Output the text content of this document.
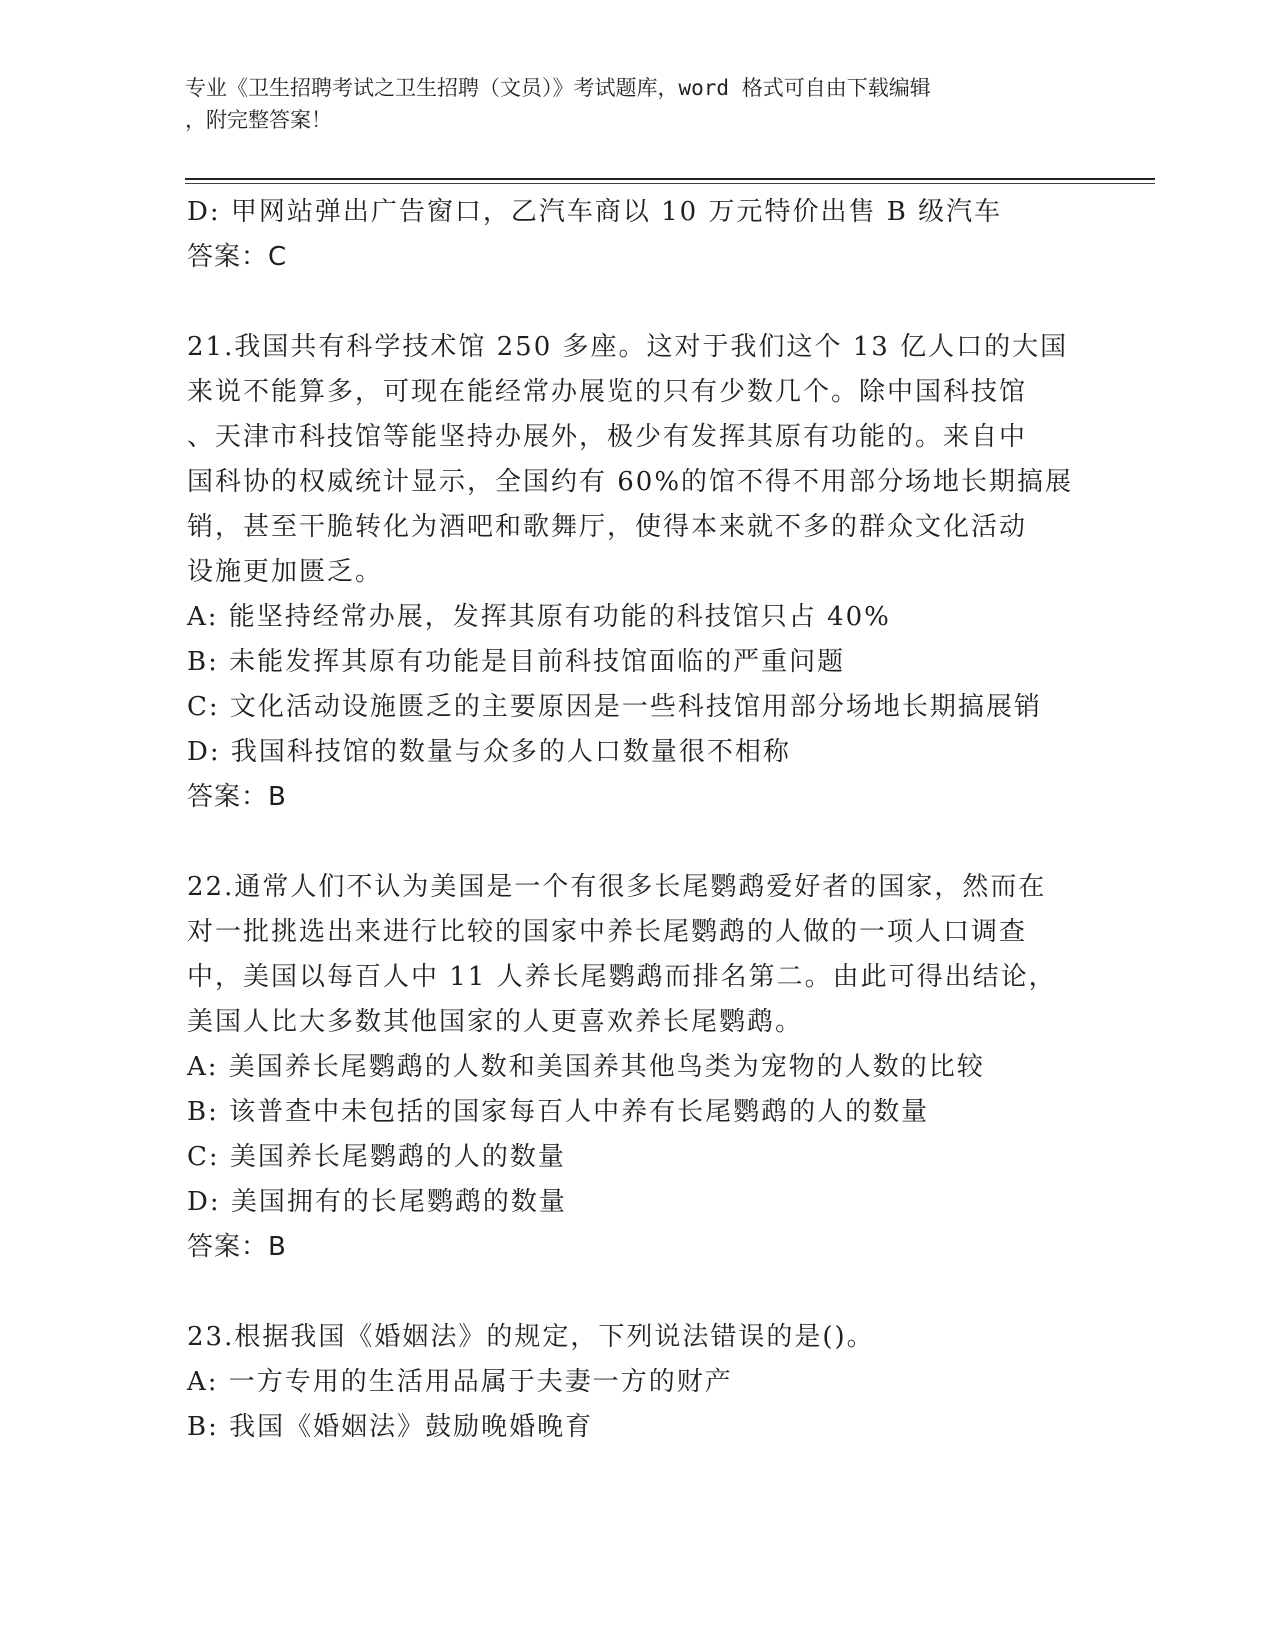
专业《卫生招聘考试之卫生招聘（文员）》考试题库，word 格式可自由下载编辑
，附完整答案！

D: 甲网站弹出广告窗口，乙汽车商以 10 万元特价出售 B 级汽车

答案：C

21.我国共有科学技术馆 250 多座。这对于我们这个 13 亿人口的大国

来说不能算多，可现在能经常办展览的只有少数几个。除中国科技馆

、天津市科技馆等能坚持办展外，极少有发挥其原有功能的。来自中

国科协的权威统计显示，全国约有 60%的馆不得不用部分场地长期搞展

销，甚至干脆转化为酒吧和歌舞厅，使得本来就不多的群众文化活动

设施更加匮乏。

A: 能坚持经常办展，发挥其原有功能的科技馆只占 40%

B: 未能发挥其原有功能是目前科技馆面临的严重问题

C: 文化活动设施匮乏的主要原因是一些科技馆用部分场地长期搞展销

D: 我国科技馆的数量与众多的人口数量很不相称

答案：B

22.通常人们不认为美国是一个有很多长尾鹦鹉爱好者的国家，然而在

对一批挑选出来进行比较的国家中养长尾鹦鹉的人做的一项人口调查

中，美国以每百人中 11 人养长尾鹦鹉而排名第二。由此可得出结论，

美国人比大多数其他国家的人更喜欢养长尾鹦鹉。

A: 美国养长尾鹦鹉的人数和美国养其他鸟类为宠物的人数的比较

B: 该普查中未包括的国家每百人中养有长尾鹦鹉的人的数量

C: 美国养长尾鹦鹉的人的数量

D: 美国拥有的长尾鹦鹉的数量

答案：B

23.根据我国《婚姻法》的规定，下列说法错误的是()。

A: 一方专用的生活用品属于夫妻一方的财产

B: 我国《婚姻法》鼓励晚婚晚育
